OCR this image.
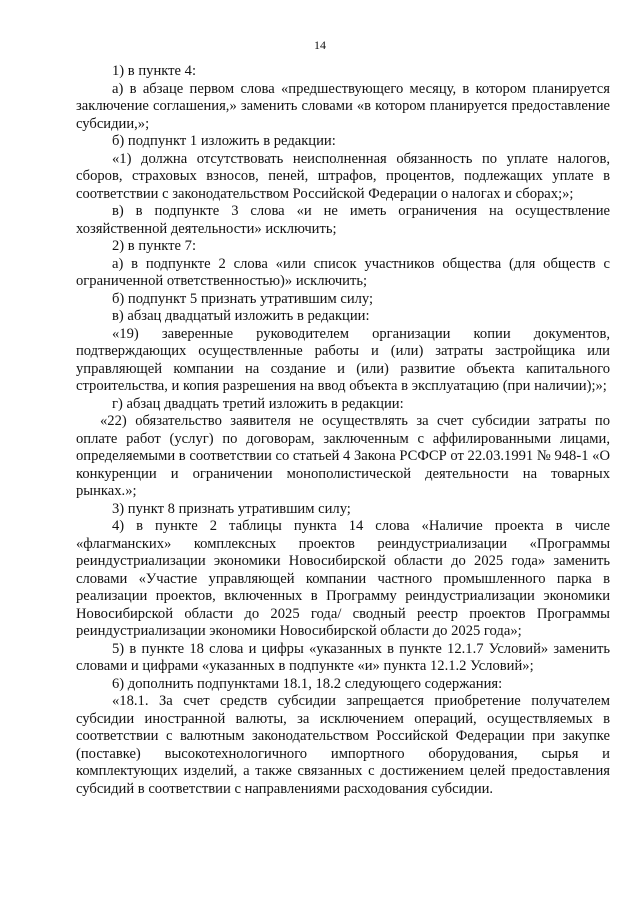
14

1) в пункте 4:

а) в абзаце первом слова «предшествующего месяцу, в котором планируется заключение соглашения,» заменить словами «в котором планируется предоставление субсидии,»;

б) подпункт 1 изложить в редакции:

«1) должна отсутствовать неисполненная обязанность по уплате налогов, сборов, страховых взносов, пеней, штрафов, процентов, подлежащих уплате в соответствии с законодательством Российской Федерации о налогах и сборах;»;

в) в подпункте 3 слова «и не иметь ограничения на осуществление хозяйственной деятельности» исключить;

2) в пункте 7:

а) в подпункте 2 слова «или список участников общества (для обществ с ограниченной ответственностью)» исключить;

б) подпункт 5 признать утратившим силу;

в) абзац двадцатый изложить в редакции:

«19) заверенные руководителем организации копии документов, подтверждающих осуществленные работы и (или) затраты застройщика или управляющей компании на создание и (или) развитие объекта капитального строительства, и копия разрешения на ввод объекта в эксплуатацию (при наличии);»;

г) абзац двадцать третий изложить в редакции:

«22) обязательство заявителя не осуществлять за счет субсидии затраты по оплате работ (услуг) по договорам, заключенным с аффилированными лицами, определяемыми в соответствии со статьей 4 Закона РСФСР от 22.03.1991 № 948-1 «О конкуренции и ограничении монополистической деятельности на товарных рынках.»;

3) пункт 8 признать утратившим силу;

4) в пункте 2 таблицы пункта 14 слова «Наличие проекта в числе «флагманских» комплексных проектов реиндустриализации «Программы реиндустриализации экономики Новосибирской области до 2025 года» заменить словами «Участие управляющей компании частного промышленного парка в реализации проектов, включенных в Программу реиндустриализации экономики Новосибирской области до 2025 года/ сводный реестр проектов Программы реиндустриализации экономики Новосибирской области до 2025 года»;

5) в пункте 18 слова и цифры «указанных в пункте 12.1.7 Условий» заменить словами и цифрами «указанных в подпункте «и» пункта 12.1.2 Условий»;

6) дополнить подпунктами 18.1, 18.2 следующего содержания:

«18.1. За счет средств субсидии запрещается приобретение получателем субсидии иностранной валюты, за исключением операций, осуществляемых в соответствии с валютным законодательством Российской Федерации при закупке (поставке) высокотехнологичного импортного оборудования, сырья и комплектующих изделий, а также связанных с достижением целей предоставления субсидий в соответствии с направлениями расходования субсидии.
